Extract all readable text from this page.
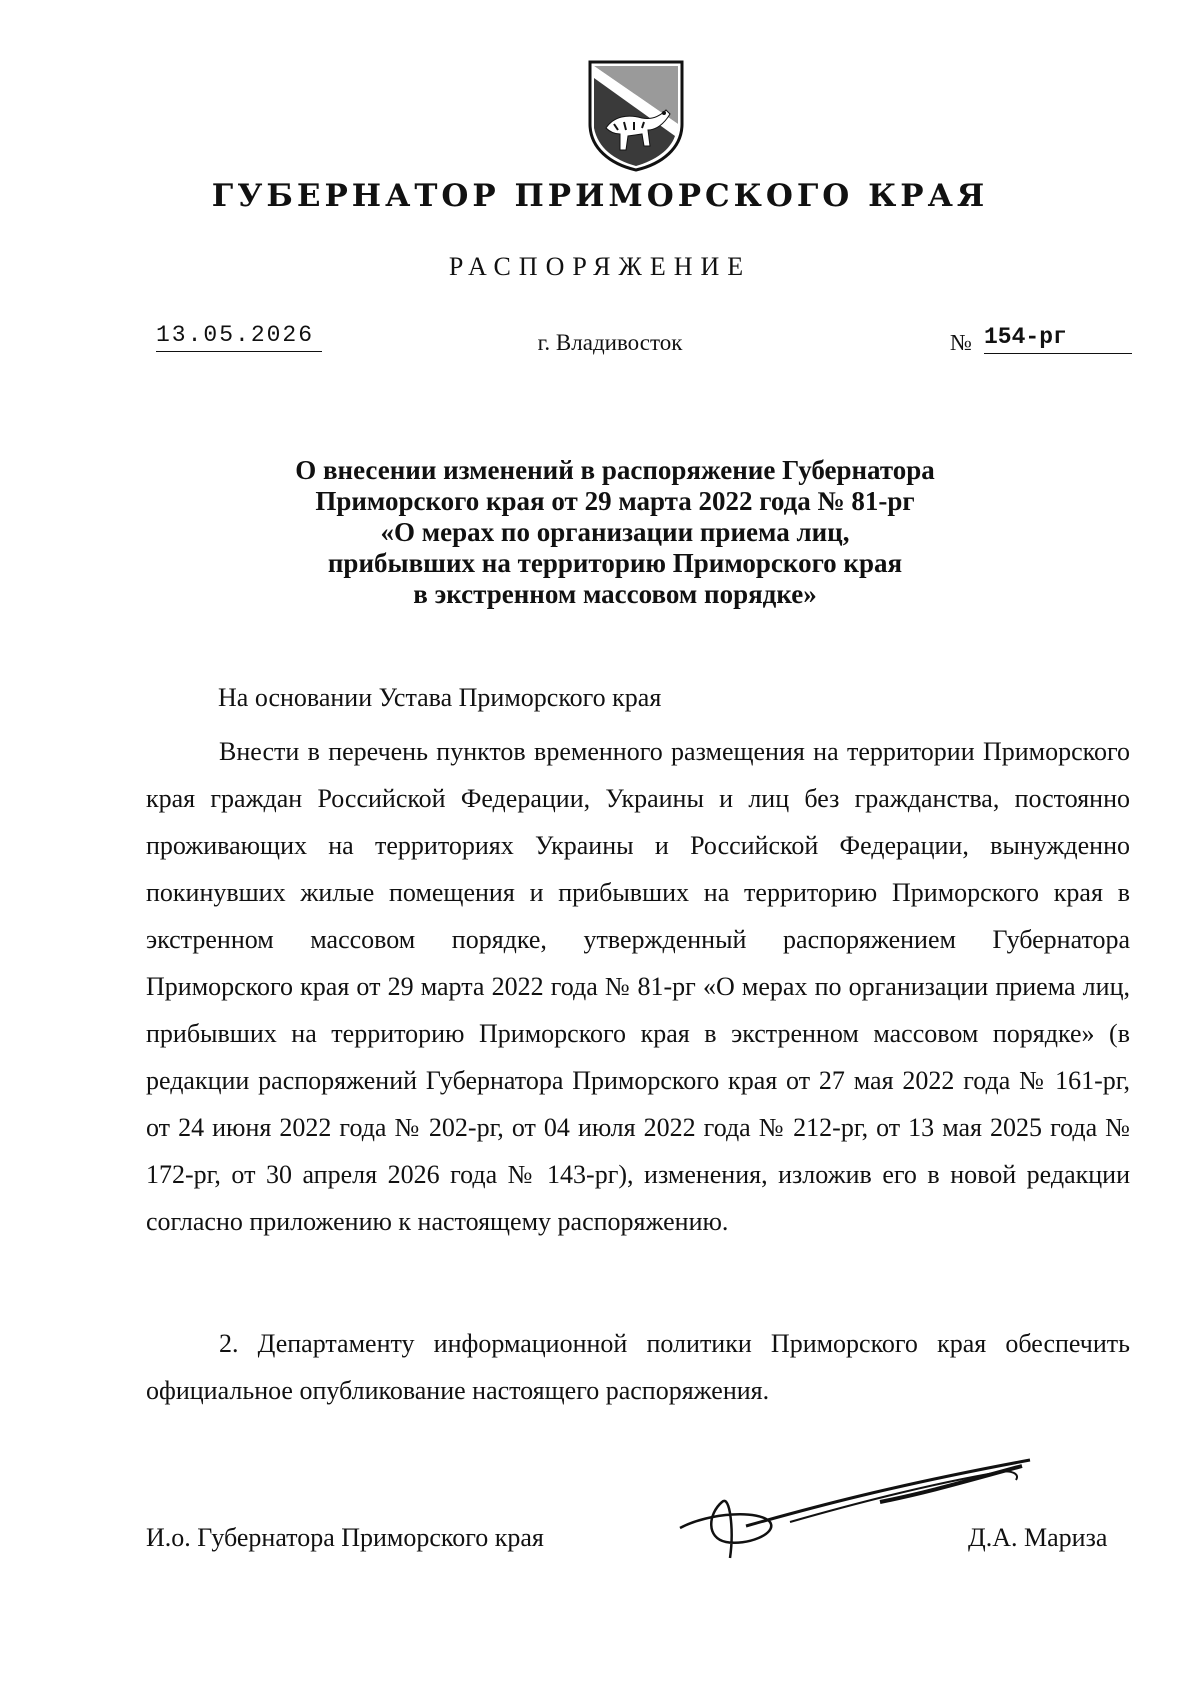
ГУБЕРНАТОР ПРИМОРСКОГО КРАЯ
РАСПОРЯЖЕНИЕ
13.05.2026	г. Владивосток	№ 154-рг
О внесении изменений в распоряжение Губернатора
Приморского края от 29 марта 2022 года № 81-рг
«О мерах по организации приема лиц,
прибывших на территорию Приморского края
в экстренном массовом порядке»
На основании Устава Приморского края
Внести в перечень пунктов временного размещения на территории Приморского края граждан Российской Федерации, Украины и лиц без гражданства, постоянно проживающих на территориях Украины и Российской Федерации, вынужденно покинувших жилые помещения и прибывших на территорию Приморского края в экстренном массовом порядке, утвержденный распоряжением Губернатора Приморского края от 29 марта 2022 года № 81-рг «О мерах по организации приема лиц, прибывших на территорию Приморского края в экстренном массовом порядке» (в редакции распоряжений Губернатора Приморского края от 27 мая 2022 года № 161-рг, от 24 июня 2022 года № 202-рг, от 04 июля 2022 года № 212-рг, от 13 мая 2025 года № 172-рг, от 30 апреля 2026 года № 143-рг), изменения, изложив его в новой редакции согласно приложению к настоящему распоряжению.
2. Департаменту информационной политики Приморского края обеспечить официальное опубликование настоящего распоряжения.
И.о. Губернатора Приморского края	Д.А. Мариза
